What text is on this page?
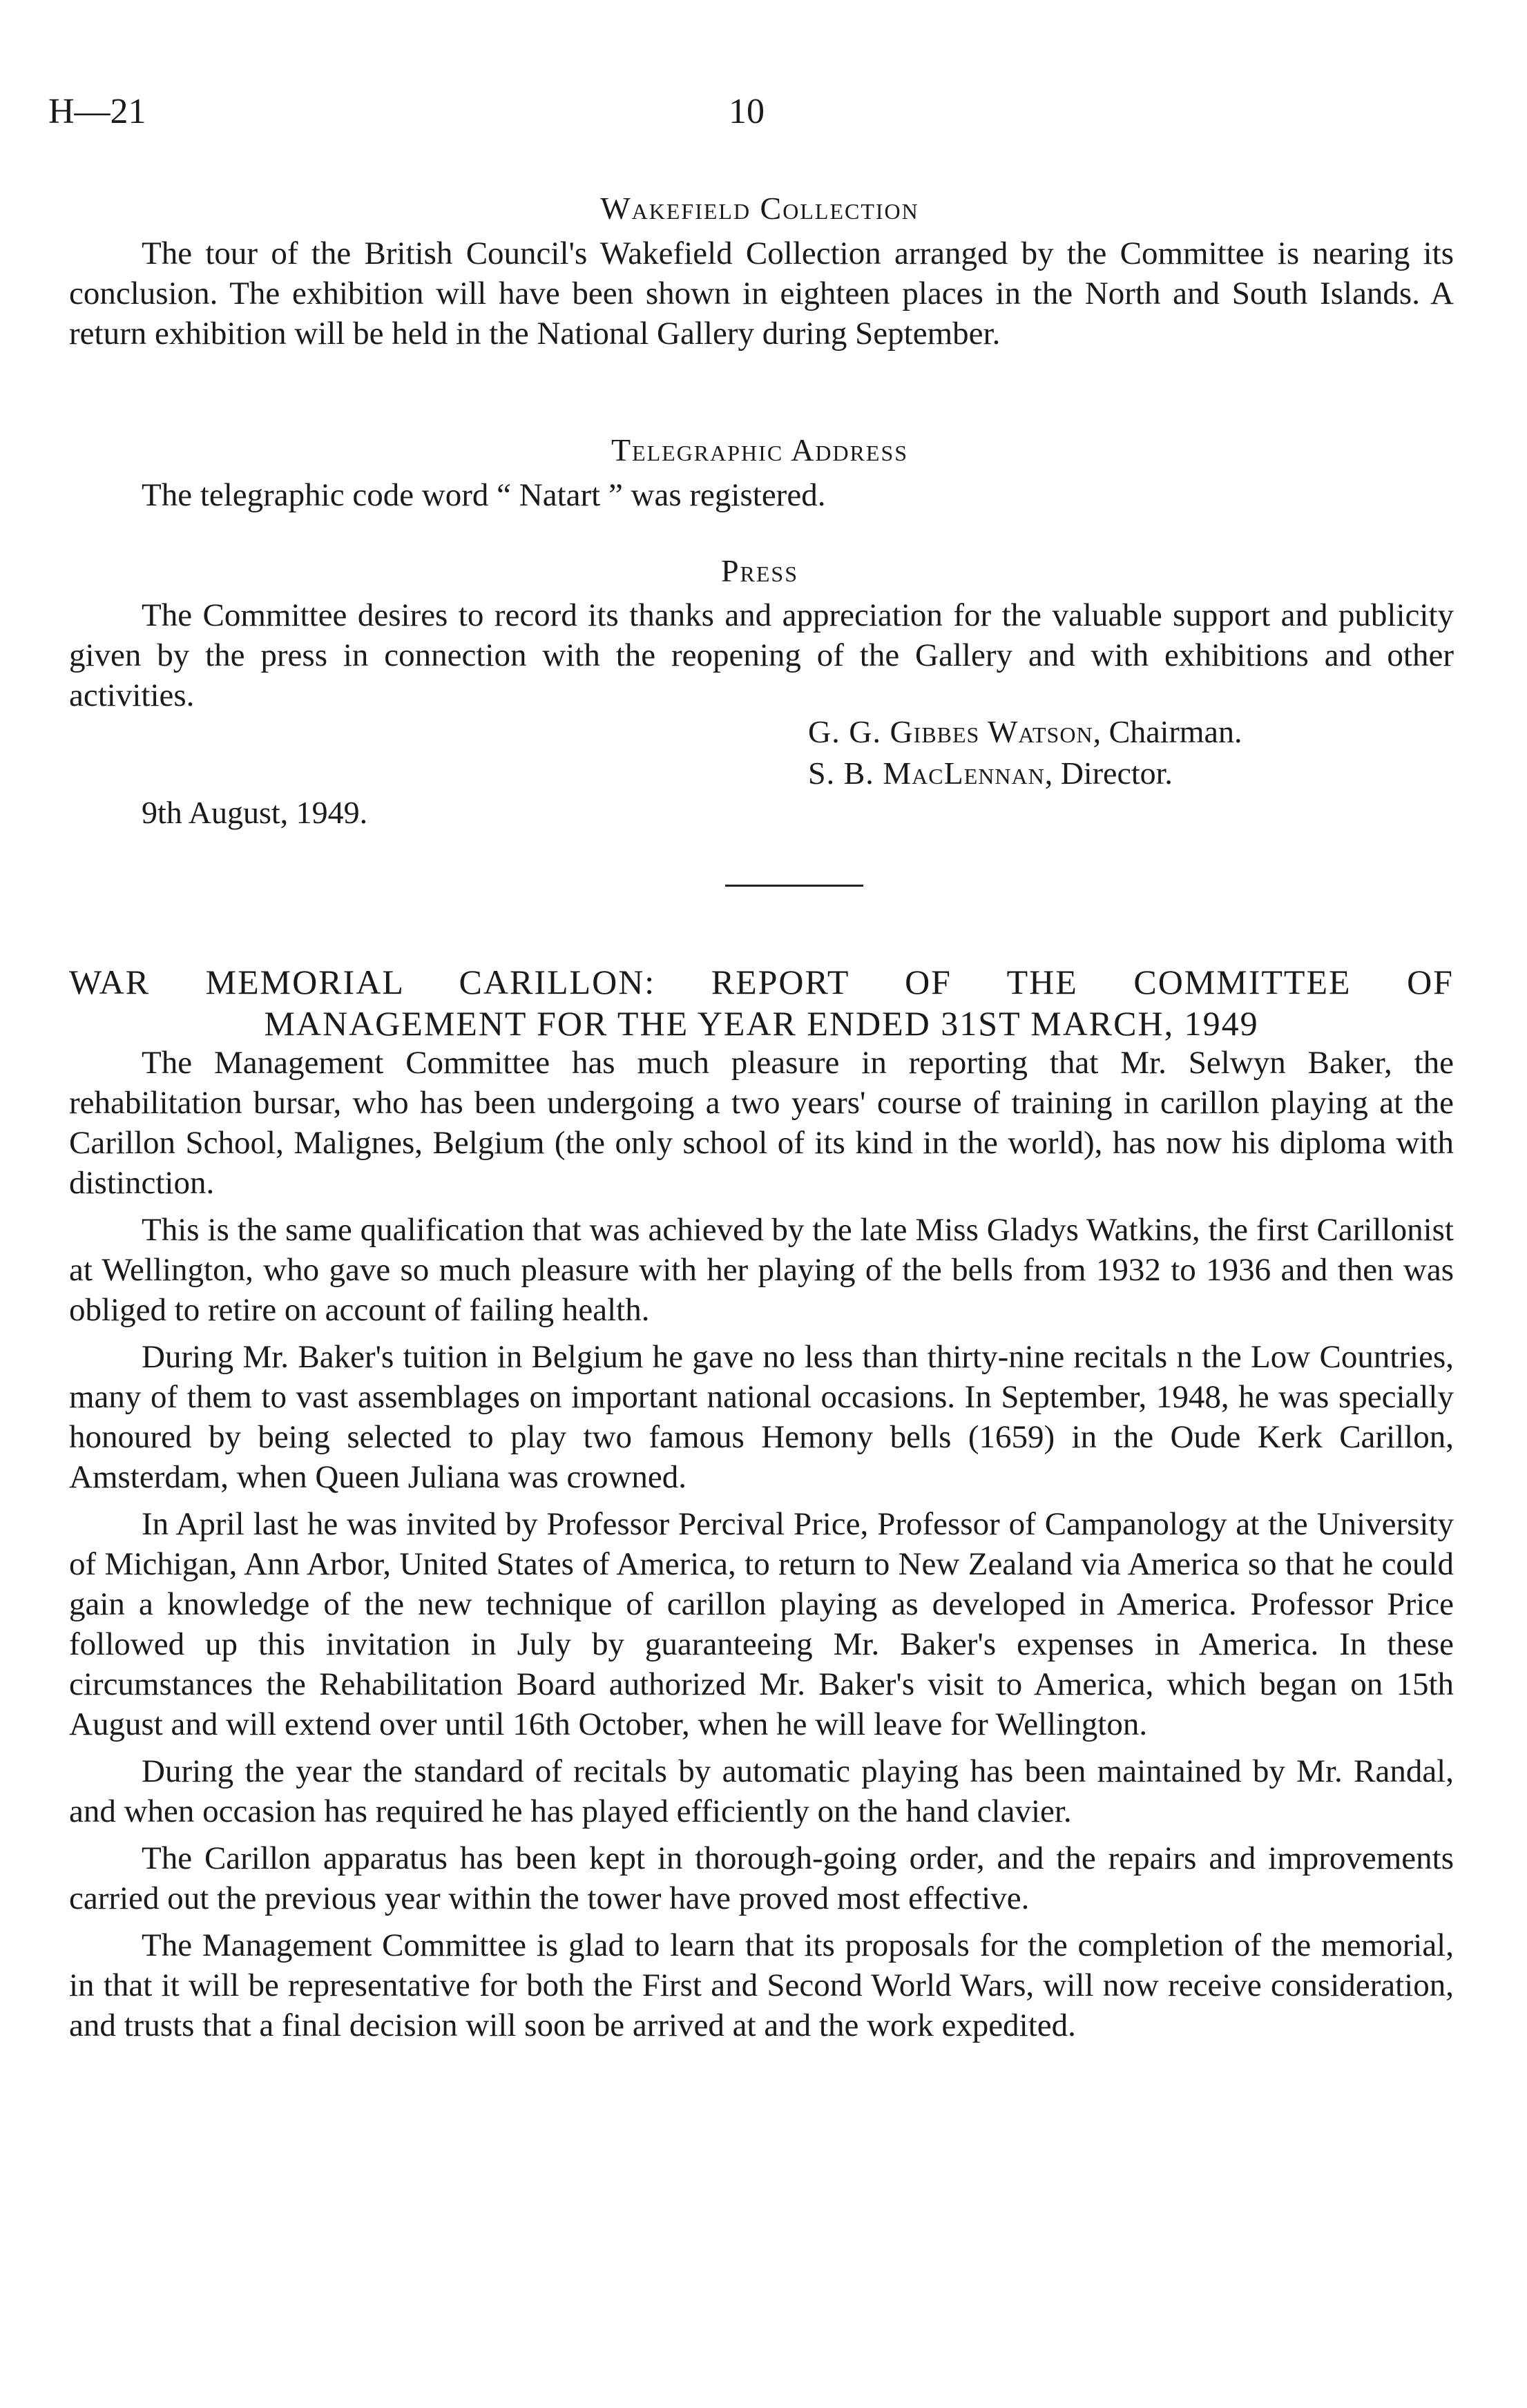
H—21	10
Wakefield Collection
The tour of the British Council's Wakefield Collection arranged by the Committee is nearing its conclusion. The exhibition will have been shown in eighteen places in the North and South Islands. A return exhibition will be held in the National Gallery during September.
Telegraphic Address
The telegraphic code word “ Natart ” was registered.
Press
The Committee desires to record its thanks and appreciation for the valuable support and publicity given by the press in connection with the reopening of the Gallery and with exhibitions and other activities.
G. G. Gibbes Watson, Chairman.
S. B. MacLennan, Director.
9th August, 1949.
WAR MEMORIAL CARILLON: REPORT OF THE COMMITTEE OF
MANAGEMENT FOR THE YEAR ENDED 31ST MARCH, 1949
The Management Committee has much pleasure in reporting that Mr. Selwyn Baker, the rehabilitation bursar, who has been undergoing a two years' course of training in carillon playing at the Carillon School, Malignes, Belgium (the only school of its kind in the world), has now his diploma with distinction.
This is the same qualification that was achieved by the late Miss Gladys Watkins, the first Carillonist at Wellington, who gave so much pleasure with her playing of the bells from 1932 to 1936 and then was obliged to retire on account of failing health.
During Mr. Baker's tuition in Belgium he gave no less than thirty-nine recitals n the Low Countries, many of them to vast assemblages on important national occasions. In September, 1948, he was specially honoured by being selected to play two famous Hemony bells (1659) in the Oude Kerk Carillon, Amsterdam, when Queen Juliana was crowned.
In April last he was invited by Professor Percival Price, Professor of Campanology at the University of Michigan, Ann Arbor, United States of America, to return to New Zealand via America so that he could gain a knowledge of the new technique of carillon playing as developed in America. Professor Price followed up this invitation in July by guaranteeing Mr. Baker's expenses in America. In these circumstances the Rehabilitation Board authorized Mr. Baker's visit to America, which began on 15th August and will extend over until 16th October, when he will leave for Wellington.
During the year the standard of recitals by automatic playing has been maintained by Mr. Randal, and when occasion has required he has played efficiently on the hand clavier.
The Carillon apparatus has been kept in thorough-going order, and the repairs and improvements carried out the previous year within the tower have proved most effective.
The Management Committee is glad to learn that its proposals for the completion of the memorial, in that it will be representative for both the First and Second World Wars, will now receive consideration, and trusts that a final decision will soon be arrived at and the work expedited.
